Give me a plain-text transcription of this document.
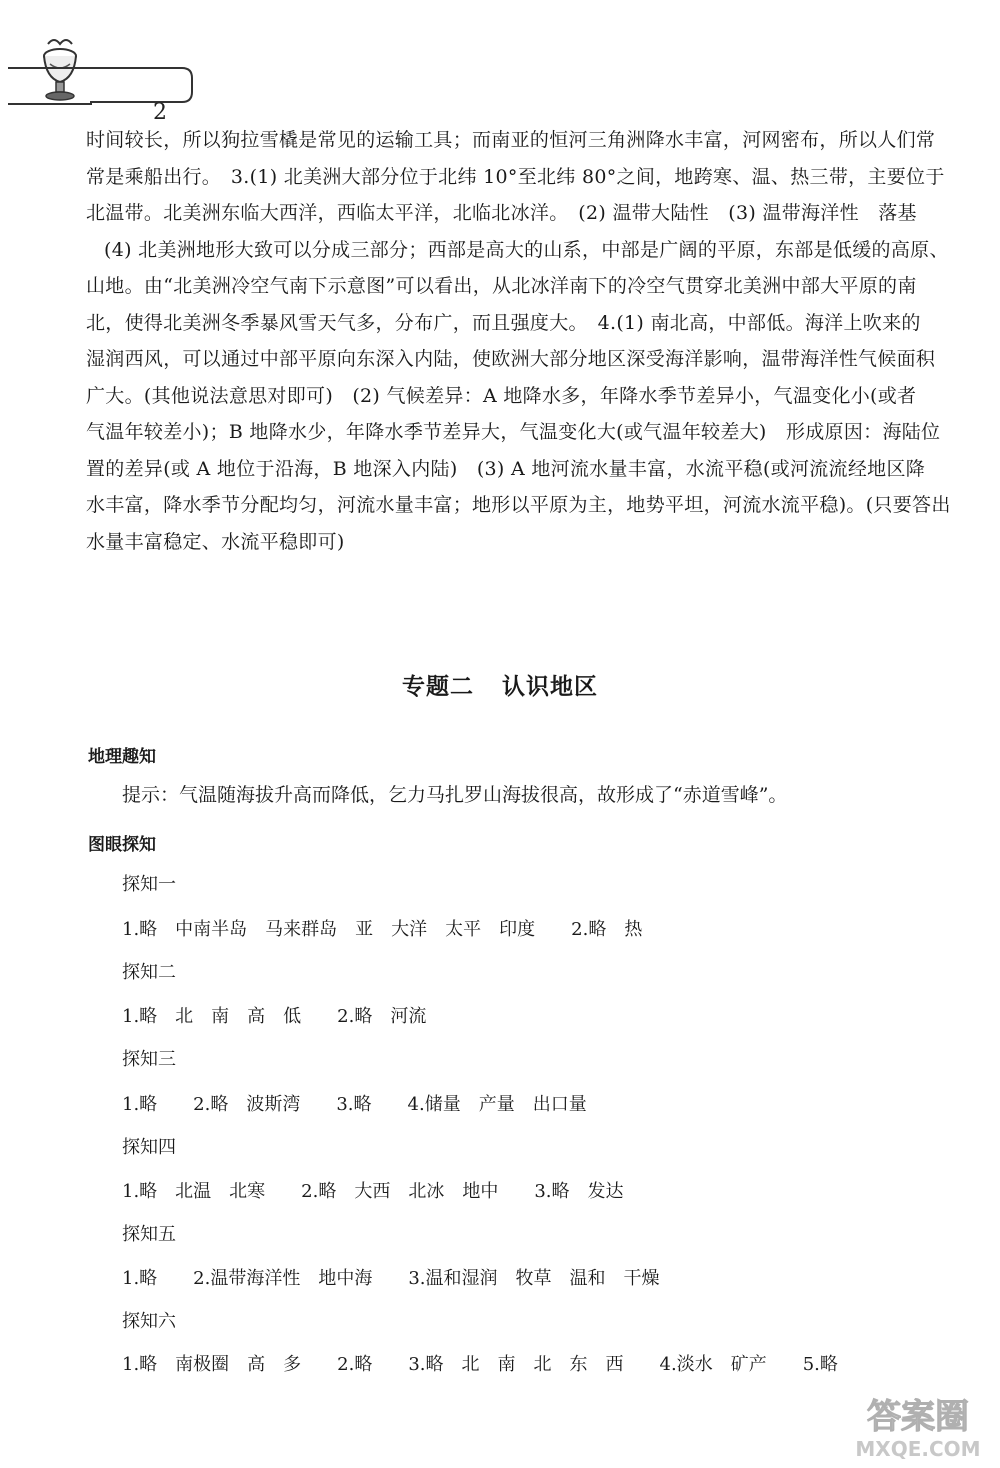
2
时间较长，所以狗拉雪橇是常见的运输工具；而南亚的恒河三角洲降水丰富，河网密布，所以人们常
常是乘船出行。　3.(1) 北美洲大部分位于北纬 10°至北纬 80°之间，地跨寒、温、热三带，主要位于
北温带。北美洲东临大西洋，西临太平洋，北临北冰洋。　(2) 温带大陆性　(3) 温带海洋性　落基
(4) 北美洲地形大致可以分成三部分；西部是高大的山系，中部是广阔的平原，东部是低缓的高原、
山地。由“北美洲冷空气南下示意图”可以看出，从北冰洋南下的冷空气贯穿北美洲中部大平原的南
北，使得北美洲冬季暴风雪天气多，分布广，而且强度大。　4.(1) 南北高，中部低。海洋上吹来的
湿润西风，可以通过中部平原向东深入内陆，使欧洲大部分地区深受海洋影响，温带海洋性气候面积
广大。(其他说法意思对即可)　(2) 气候差异：A 地降水多，年降水季节差异小，气温变化小(或者
气温年较差小)；B 地降水少，年降水季节差异大，气温变化大(或气温年较差大)　形成原因：海陆位
置的差异(或 A 地位于沿海，B 地深入内陆)　(3) A 地河流水量丰富，水流平稳(或河流流经地区降
水丰富，降水季节分配均匀，河流水量丰富；地形以平原为主，地势平坦，河流水流平稳)。(只要答出
水量丰富稳定、水流平稳即可)
专题二 认识地区
地理趣知
提示：气温随海拔升高而降低，乞力马扎罗山海拔很高，故形成了“赤道雪峰”。
图眼探知
探知一
1.略　中南半岛　马来群岛　亚　大洋　太平　印度　　2.略　热
探知二
1.略　北　南　高　低　　2.略　河流
探知三
1.略　　2.略　波斯湾　　3.略　　4.储量　产量　出口量
探知四
1.略　北温　北寒　　2.略　大西　北冰　地中　　3.略　发达
探知五
1.略　　2.温带海洋性　地中海　　3.温和湿润　牧草　温和　干燥
探知六
1.略　南极圈　高　多　　2.略　　3.略　北　南　北　东　西　　4.淡水　矿产　　5.略
答案圈
MXQE.COM
